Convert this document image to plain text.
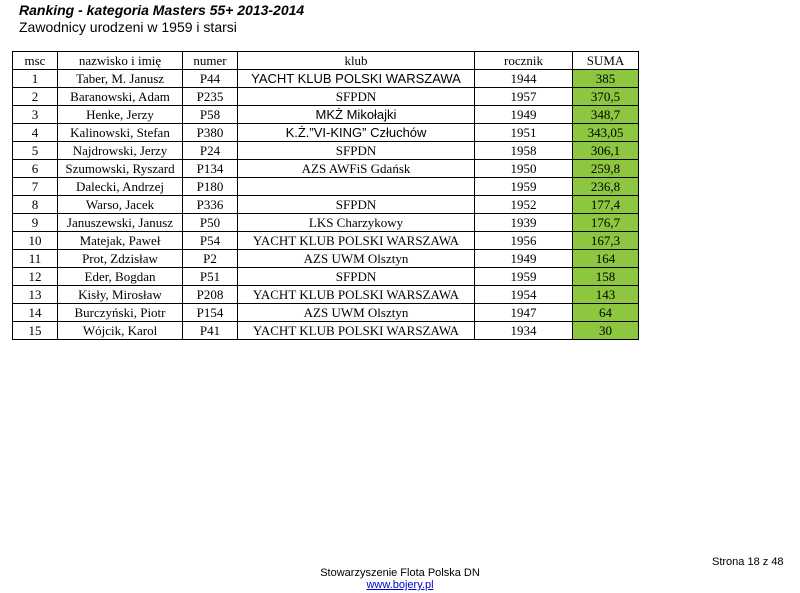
Ranking - kategoria Masters 55+ 2013-2014
Zawodnicy urodzeni w 1959 i starsi
msc	nazwisko i imię	numer	klub	rocznik	SUMA
1	Taber, M. Janusz	P44	YACHT KLUB POLSKI WARSZAWA	1944	385
2	Baranowski, Adam	P235	SFPDN	1957	370,5
3	Henke, Jerzy	P58	MKŻ Mikołajki	1949	348,7
4	Kalinowski, Stefan	P380	K.Ż.”VI-KING” Człuchów	1951	343,05
5	Najdrowski, Jerzy	P24	SFPDN	1958	306,1
6	Szumowski, Ryszard	P134	AZS AWFiS Gdańsk	1950	259,8
7	Dalecki, Andrzej	P180		1959	236,8
8	Warso, Jacek	P336	SFPDN	1952	177,4
9	Januszewski, Janusz	P50	LKS Charzykowy	1939	176,7
10	Matejak, Paweł	P54	YACHT KLUB POLSKI WARSZAWA	1956	167,3
11	Prot, Zdzisław	P2	AZS UWM Olsztyn	1949	164
12	Eder, Bogdan	P51	SFPDN	1959	158
13	Kisły, Mirosław	P208	YACHT KLUB POLSKI WARSZAWA	1954	143
14	Burczyński, Piotr	P154	AZS UWM Olsztyn	1947	64
15	Wójcik, Karol	P41	YACHT KLUB POLSKI WARSZAWA	1934	30
Strona 18 z 48
Stowarzyszenie Flota Polska DN
www.bojery.pl
